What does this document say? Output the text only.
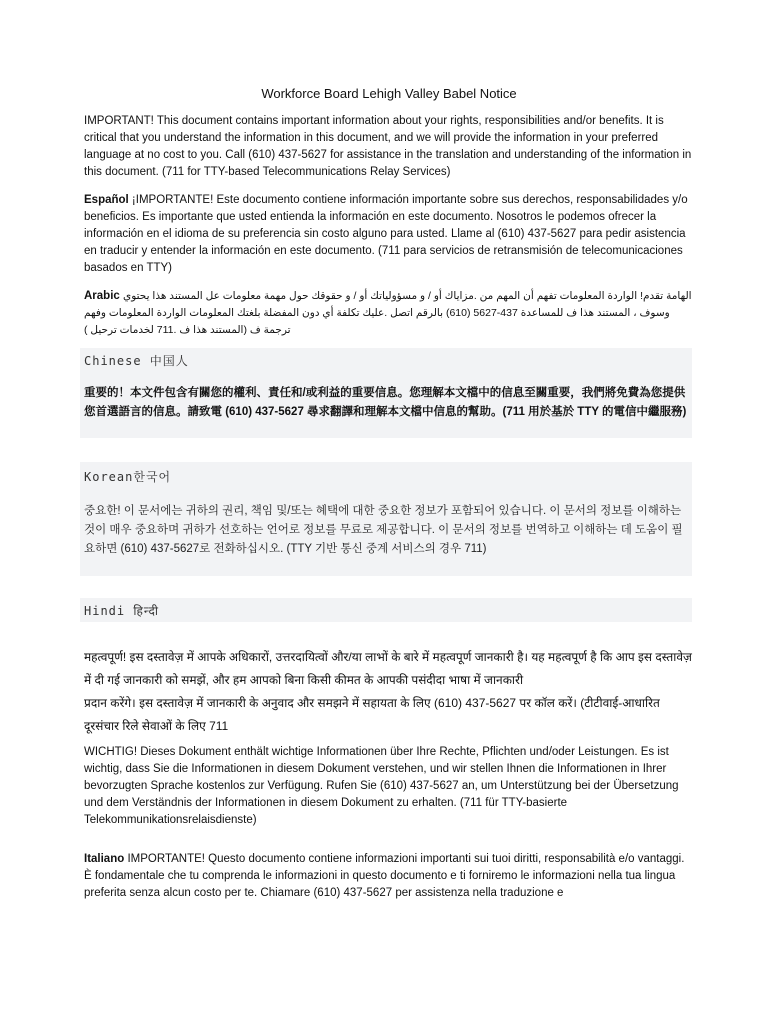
Workforce Board Lehigh Valley Babel Notice

IMPORTANT! This document contains important information about your rights, responsibilities and/or benefits. It is critical that you understand the information in this document, and we will provide the information in your preferred language at no cost to you. Call (610) 437-5627 for assistance in the translation and understanding of the information in this document. (711 for TTY-based Telecommunications Relay Services)

Español ¡IMPORTANTE! Este documento contiene información importante sobre sus derechos, responsabilidades y/o beneficios. Es importante que usted entienda la información en este documento. Nosotros le podemos ofrecer la información en el idioma de su preferencia sin costo alguno para usted. Llame al (610) 437-5627 para pedir asistencia en traducir y entender la información en este documento. (711 para servicios de retransmisión de telecomunicaciones basados en TTY)

Arabic الهامة تقدم! الواردة المعلومات تفهم أن المهم من .مزاياك أو / و مسؤولياتك أو / و حقوقك حول مهمة معلومات عل المستند هذا يحتوي وسوف ، المستند هذا ف للمساعدة 437-5627 (610) بالرقم اتصل .عليك تكلفة أي دون المفضلة بلغتك المعلومات الواردة المعلومات وفهم ترجمة ف (المستند هذا ف .711 لخدمات ترحيل )

Chinese 中国人

重要的！本文件包含有關您的權利、責任和/或利益的重要信息。您理解本文檔中的信息至關重要，我們將免費為您提供您首選語言的信息。請致電 (610) 437-5627 尋求翻譯和理解本文檔中信息的幫助。(711 用於基於 TTY 的電信中繼服務)

Korean한국어

중요한! 이 문서에는 귀하의 권리, 책임 및/또는 혜택에 대한 중요한 정보가 포함되어 있습니다. 이 문서의 정보를 이해하는 것이 매우 중요하며 귀하가 선호하는 언어로 정보를 무료로 제공합니다. 이 문서의 정보를 번역하고 이해하는 데 도움이 필요하면 (610) 437-5627로 전화하십시오. (TTY 기반 통신 중계 서비스의 경우 711)

Hindi हिन्दी

महत्वपूर्ण! इस दस्तावेज़ में आपके अधिकारों, उत्तरदायित्वों और/या लाभों के बारे में महत्वपूर्ण जानकारी है। यह महत्वपूर्ण है कि आप इस दस्तावेज़ में दी गई जानकारी को समझें, और हम आपको बिना किसी कीमत के आपकी पसंदीदा भाषा में जानकारी

प्रदान करेंगे। इस दस्तावेज़ में जानकारी के अनुवाद और समझने में सहायता के लिए (610) 437-5627 पर कॉल करें। (टीटीवाई-आधारित दूरसंचार रिले सेवाओं के लिए 711

WICHTIG! Dieses Dokument enthält wichtige Informationen über Ihre Rechte, Pflichten und/oder Leistungen. Es ist wichtig, dass Sie die Informationen in diesem Dokument verstehen, und wir stellen Ihnen die Informationen in Ihrer bevorzugten Sprache kostenlos zur Verfügung. Rufen Sie (610) 437-5627 an, um Unterstützung bei der Übersetzung und dem Verständnis der Informationen in diesem Dokument zu erhalten. (711 für TTY-basierte Telekommunikationsrelaisdienste)

Italiano IMPORTANTE! Questo documento contiene informazioni importanti sui tuoi diritti, responsabilità e/o vantaggi. È fondamentale che tu comprenda le informazioni in questo documento e ti forniremo le informazioni nella tua lingua preferita senza alcun costo per te. Chiamare (610) 437-5627 per assistenza nella traduzione e
